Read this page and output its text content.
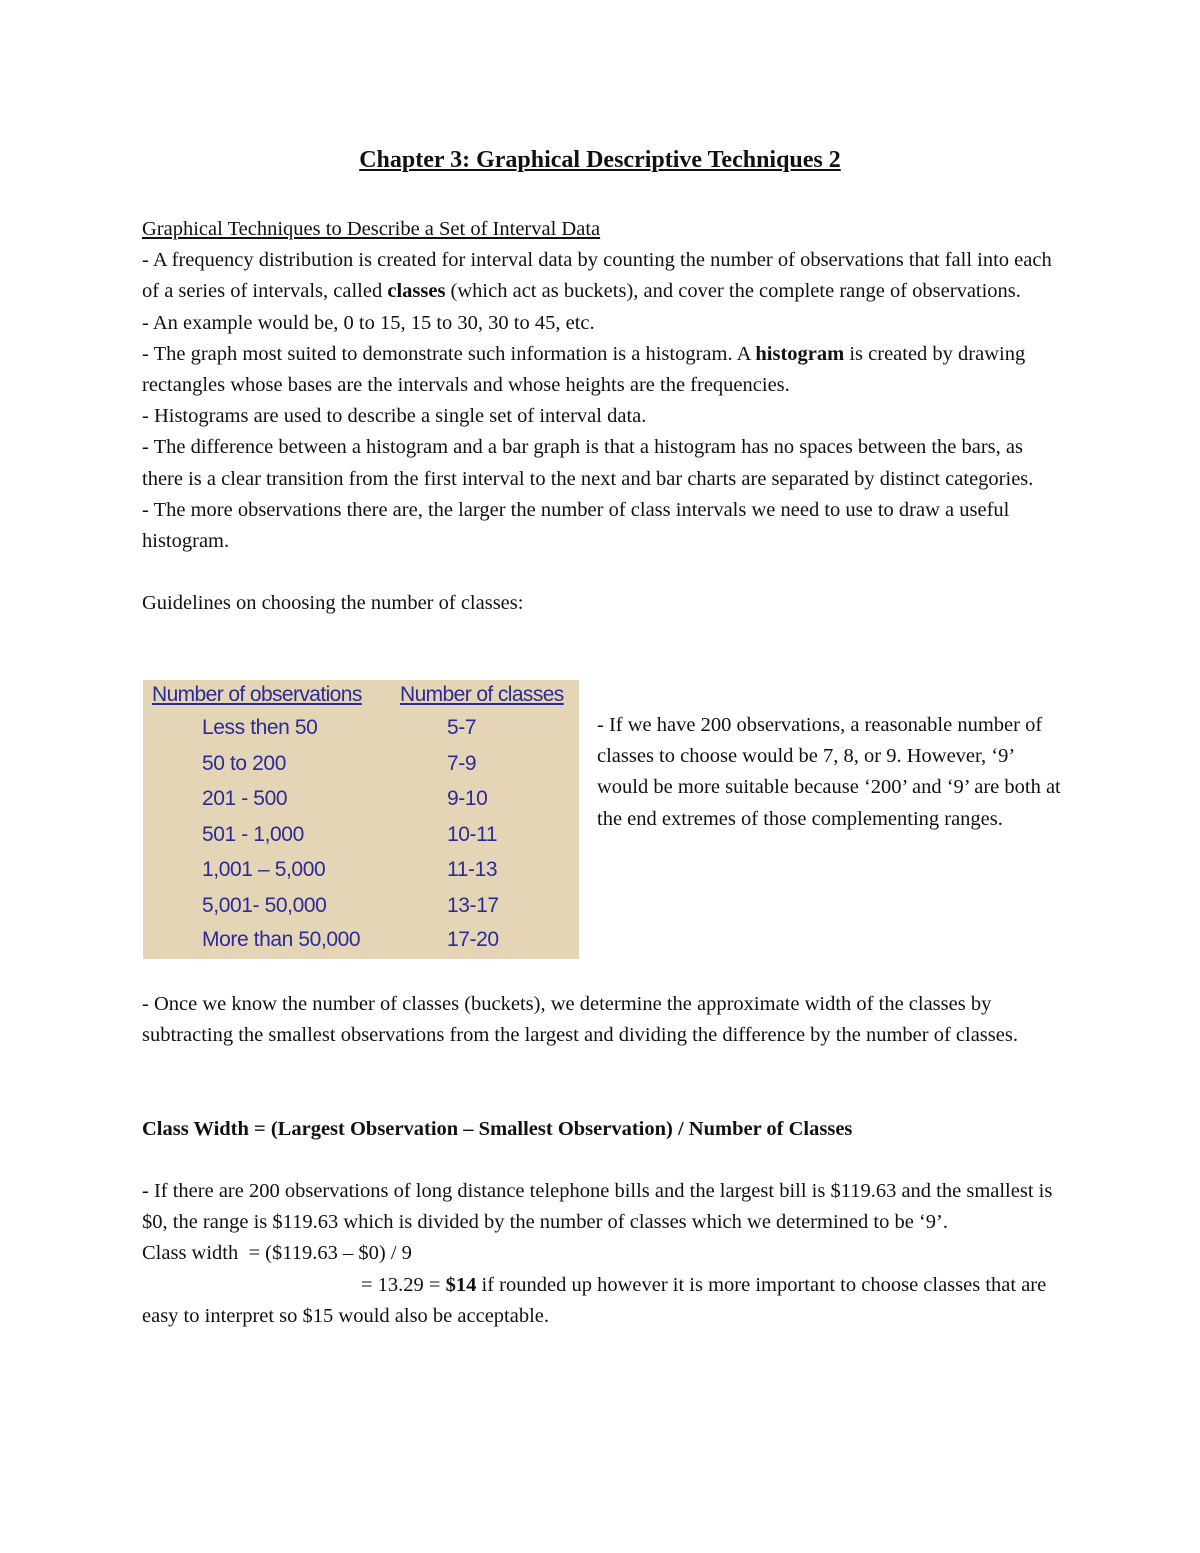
Chapter 3: Graphical Descriptive Techniques 2

Graphical Techniques to Describe a Set of Interval Data

- A frequency distribution is created for interval data by counting the number of observations that fall into each of a series of intervals, called classes (which act as buckets), and cover the complete range of observations.

- An example would be, 0 to 15, 15 to 30, 30 to 45, etc.

- The graph most suited to demonstrate such information is a histogram. A histogram is created by drawing rectangles whose bases are the intervals and whose heights are the frequencies.

- Histograms are used to describe a single set of interval data.

- The difference between a histogram and a bar graph is that a histogram has no spaces between the bars, as there is a clear transition from the first interval to the next and bar charts are separated by distinct categories.

- The more observations there are, the larger the number of class intervals we need to use to draw a useful histogram.

Guidelines on choosing the number of classes:

Number of observations Number of classes
Less then 50	5-7
50 to 200	7-9
201 - 500	9-10
501 - 1,000	10-11
1,001 – 5,000	11-13
5,001- 50,000	13-17
More than 50,000	17-20

- If we have 200 observations, a reasonable number of classes to choose would be 7, 8, or 9. However, ‘9’ would be more suitable because ‘200’ and ‘9’ are both at the end extremes of those complementing ranges.

- Once we know the number of classes (buckets), we determine the approximate width of the classes by subtracting the smallest observations from the largest and dividing the difference by the number of classes.

Class Width = (Largest Observation – Smallest Observation) / Number of Classes

- If there are 200 observations of long distance telephone bills and the largest bill is $119.63 and the smallest is $0, the range is $119.63 which is divided by the number of classes which we determined to be ‘9’.

Class width  = ($119.63 – $0) / 9

= 13.29 = $14 if rounded up however it is more important to choose classes that are easy to interpret so $15 would also be acceptable.
